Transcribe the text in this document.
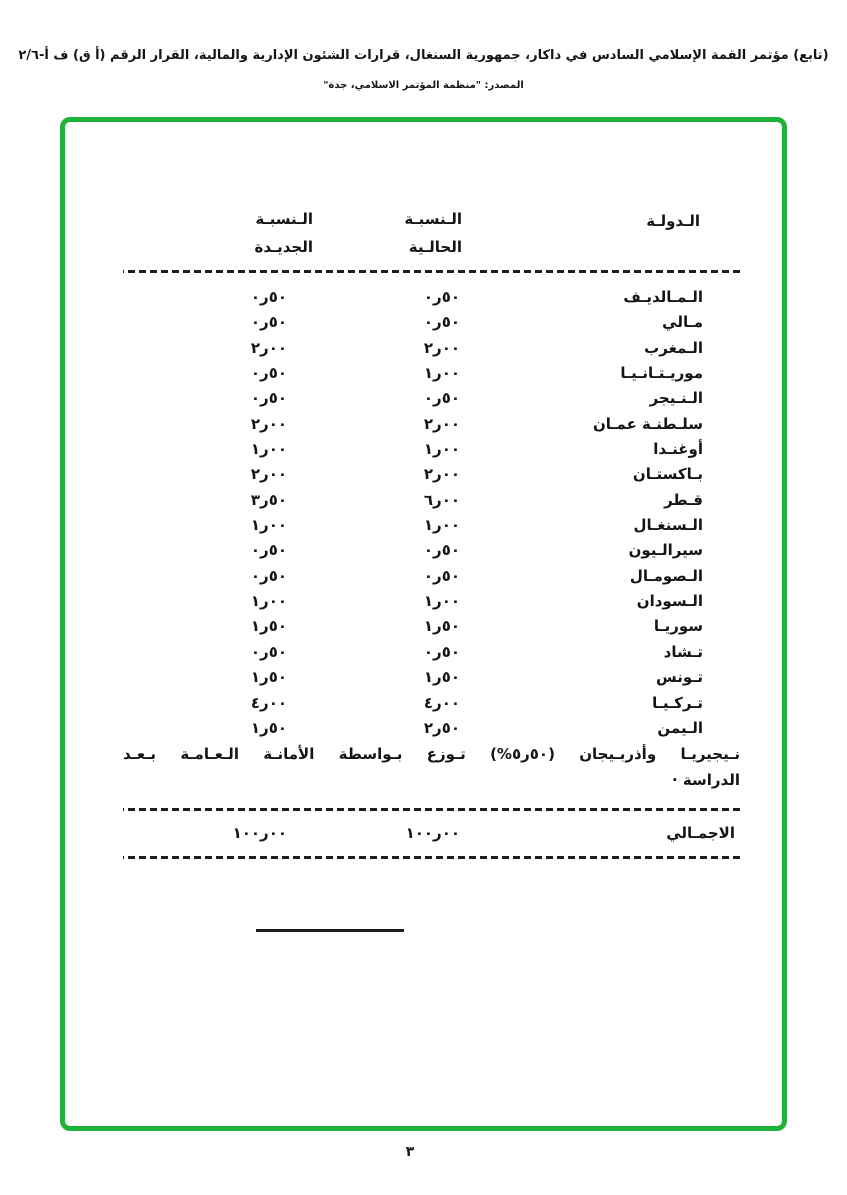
(تابع) مؤتمر القمة الإسلامي السادس في داكار، جمهورية السنغال، قرارات الشئون الإدارية والمالية، القرار الرقم ٢/٦-أ ف (ق أ)
المصدر: "منظمة المؤتمر الاسلامي، جدة"
الـدولـة
الـنسبـة
الحالـية
الـنسبـة
الجديـدة
الـمـالديـف
٥٠ر٠
٥٠ر٠
مـالي
٥٠ر٠
٥٠ر٠
الـمغرب
٠٠ر٢
٠٠ر٢
موريـتـانـيـا
٠٠ر١
٥٠ر٠
الـنـيجر
٥٠ر٠
٥٠ر٠
سلـطنـة عمـان
٠٠ر٢
٠٠ر٢
أوغنـدا
٠٠ر١
٠٠ر١
بـاكستـان
٠٠ر٢
٠٠ر٢
قـطر
٠٠ر٦
٥٠ر٣
الـسنغـال
٠٠ر١
٠٠ر١
سيرالـيون
٥٠ر٠
٥٠ر٠
الـصومـال
٥٠ر٠
٥٠ر٠
الـسودان
٠٠ر١
٠٠ر١
سوريـا
٥٠ر١
٥٠ر١
تـشاد
٥٠ر٠
٥٠ر٠
تـونس
٥٠ر١
٥٠ر١
تـركـيـا
٠٠ر٤
٠٠ر٤
الـيمن
٥٠ر٢
٥٠ر١
نـيجيريـا وأذربـيجان (٥٠ر٥%) تـوزع بـواسطة الأمانـة الـعـامـة بـعـد
الدراسة ·
الاجمـالي
٠٠ر١٠٠
٠٠ر١٠٠
٣
